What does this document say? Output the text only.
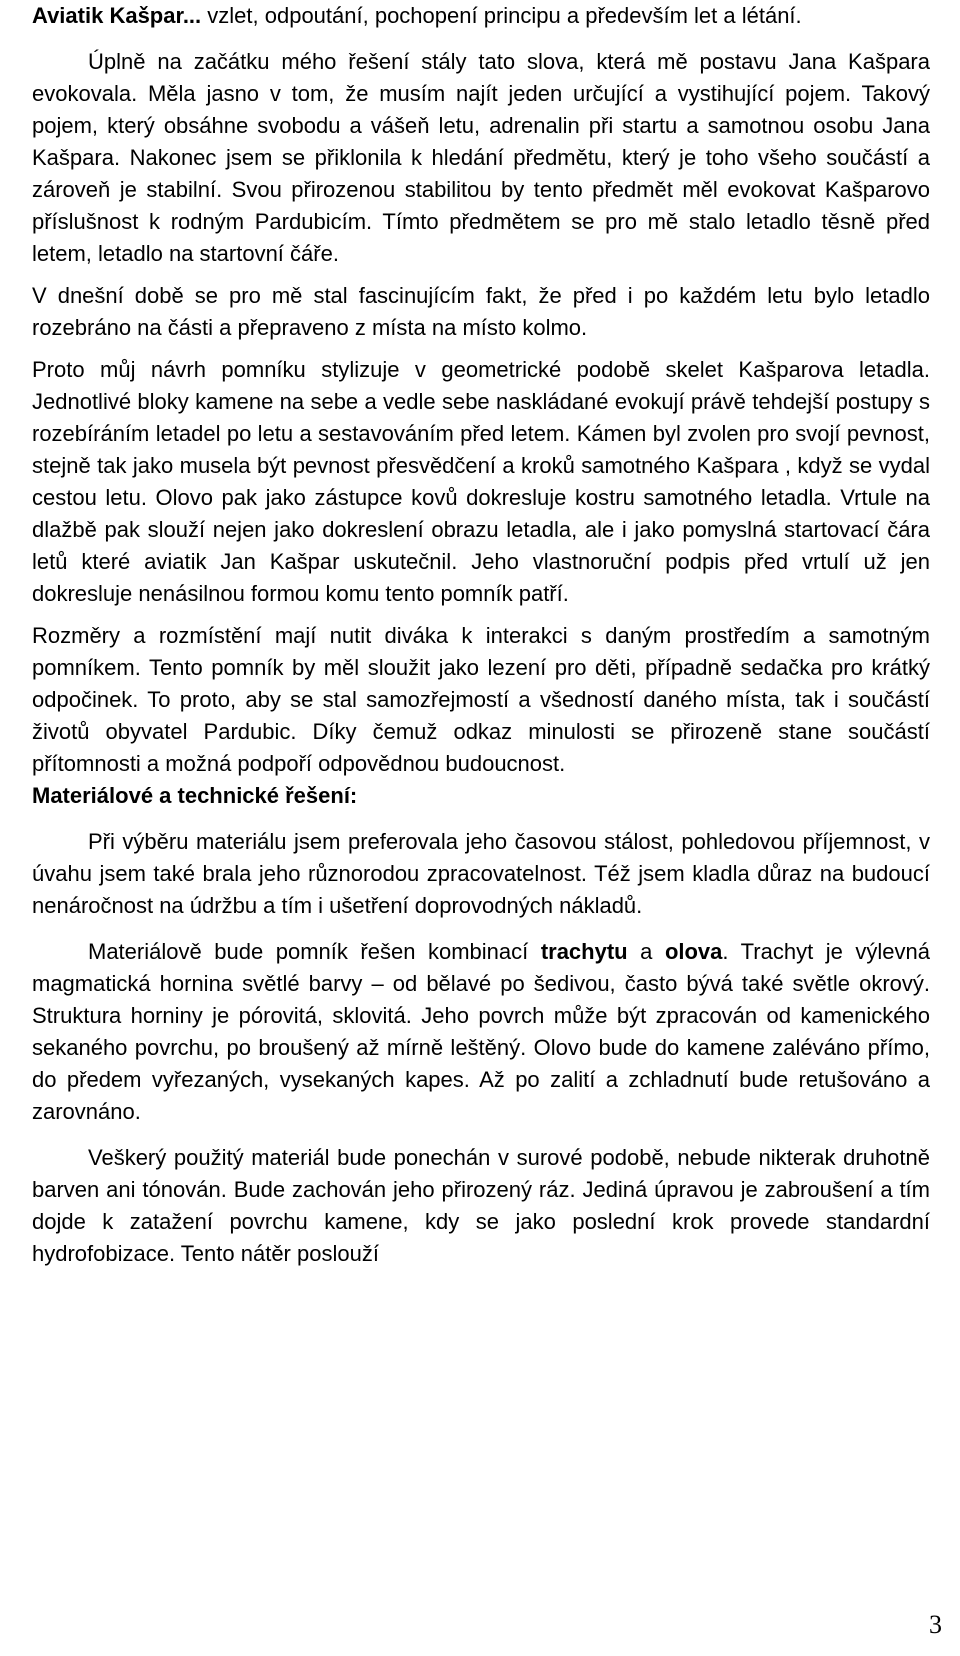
Aviatik Kašpar... vzlet, odpoutání, pochopení principu a především let a létání.

Úplně na začátku mého řešení stály tato slova, která mě postavu Jana Kašpara evokovala. Měla jasno v tom, že musím najít jeden určující a vystihující pojem. Takový pojem, který obsáhne svobodu a vášeň letu, adrenalin při startu a samotnou osobu Jana Kašpara. Nakonec jsem se přiklonila k hledání předmětu, který je toho všeho součástí a zároveň je stabilní. Svou přirozenou stabilitou by tento předmět měl evokovat Kašparovo příslušnost k rodným Pardubicím. Tímto předmětem se pro mě stalo letadlo těsně před letem, letadlo na startovní čáře.

V dnešní době se pro mě stal fascinujícím fakt, že před i po každém letu bylo letadlo rozebráno na části a přepraveno z místa na místo kolmo.

Proto můj návrh pomníku stylizuje v geometrické podobě skelet Kašparova letadla. Jednotlivé bloky kamene na sebe a vedle sebe naskládané evokují právě tehdejší postupy s rozebíráním letadel po letu a sestavováním před letem. Kámen byl zvolen pro svojí pevnost, stejně tak jako musela být pevnost přesvědčení a kroků samotného Kašpara , když se vydal cestou letu. Olovo pak jako zástupce kovů dokresluje kostru samotného letadla. Vrtule na dlažbě pak slouží nejen jako dokreslení obrazu letadla, ale i jako pomyslná startovací čára letů které aviatik Jan Kašpar uskutečnil. Jeho vlastnoruční podpis před vrtulí už jen dokresluje nenásilnou formou komu tento pomník patří.

Rozměry a rozmístění mají nutit diváka k interakci s daným prostředím a samotným pomníkem. Tento pomník by měl sloužit jako lezení pro děti, případně sedačka pro krátký odpočinek. To proto, aby se stal samozřejmostí a všedností daného místa, tak i součástí životů obyvatel Pardubic. Díky čemuž odkaz minulosti se přirozeně stane součástí přítomnosti a možná podpoří odpovědnou budoucnost.

Materiálové a technické řešení:

Při výběru materiálu jsem preferovala jeho časovou stálost, pohledovou příjemnost, v úvahu jsem také brala jeho různorodou zpracovatelnost. Též jsem kladla důraz na budoucí nenáročnost na údržbu a tím i ušetření doprovodných nákladů.

Materiálově bude pomník řešen kombinací trachytu a olova. Trachyt je výlevná magmatická hornina světlé barvy – od bělavé po šedivou, často bývá také světle okrový. Struktura horniny je pórovitá, sklovitá. Jeho povrch může být zpracován od kamenického sekaného povrchu, po broušený až mírně leštěný. Olovo bude do kamene zaléváno přímo, do předem vyřezaných, vysekaných kapes. Až po zalití a zchladnutí bude retušováno a zarovnáno.

Veškerý použitý materiál bude ponechán v surové podobě, nebude nikterak druhotně barven ani tónován. Bude zachován jeho přirozený ráz. Jediná úpravou je zabroušení a tím dojde k zatažení povrchu kamene, kdy se jako poslední krok provede standardní hydrofobizace. Tento nátěr poslouží

3
